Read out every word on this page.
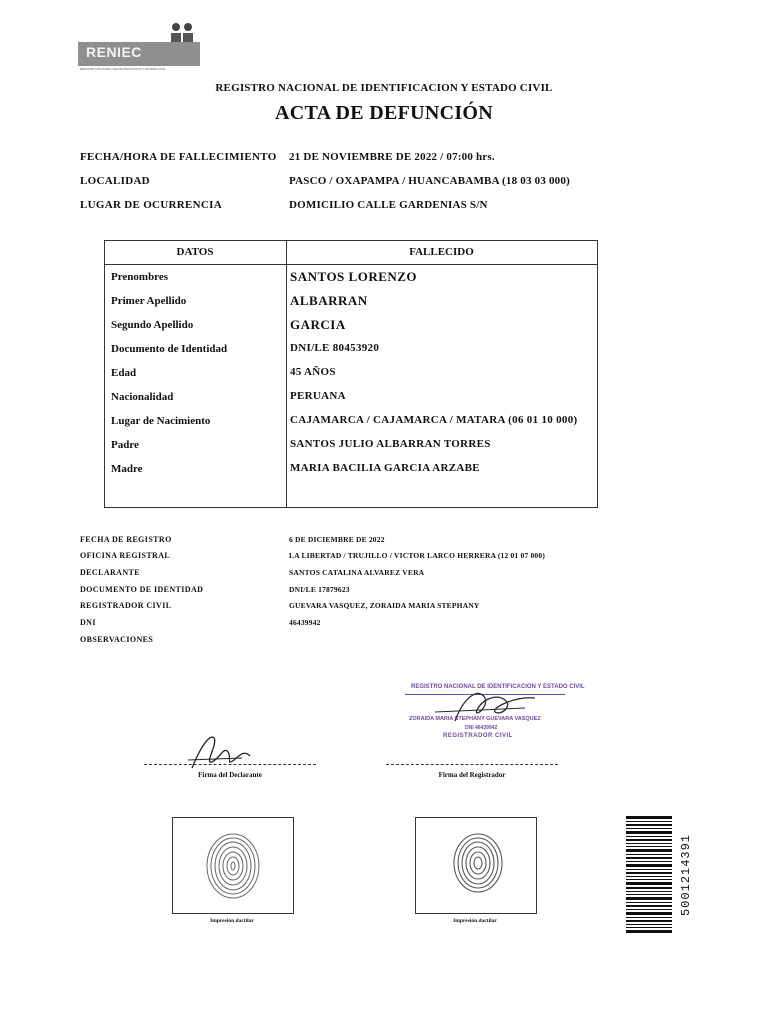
RENIEC
REGISTRO NACIONAL DE IDENTIFICACION Y ESTADO CIVIL
REGISTRO NACIONAL DE IDENTIFICACION Y ESTADO CIVIL
ACTA DE DEFUNCIÓN
FECHA/HORA DE FALLECIMIENTO 21 DE NOVIEMBRE DE 2022 / 07:00 hrs.
LOCALIDAD	PASCO / OXAPAMPA / HUANCABAMBA (18 03 03 000)
LUGAR DE OCURRENCIA	DOMICILIO CALLE GARDENIAS S/N
DATOS	FALLECIDO
Prenombres	SANTOS LORENZO
Primer Apellido	ALBARRAN
Segundo Apellido	GARCIA
Documento de Identidad	DNI/LE 80453920
Edad	45 AÑOS
Nacionalidad	PERUANA
Lugar de Nacimiento	CAJAMARCA / CAJAMARCA / MATARA (06 01 10 000)
Padre	SANTOS JULIO ALBARRAN TORRES
Madre	MARIA BACILIA GARCIA ARZABE
FECHA DE REGISTRO	6 DE DICIEMBRE DE 2022
OFICINA REGISTRAL	LA LIBERTAD / TRUJILLO / VICTOR LARCO HERRERA (12 01 07 000)
DECLARANTE	SANTOS CATALINA ALVAREZ VERA
DOCUMENTO DE IDENTIDAD	DNI/LE 17879623
REGISTRADOR CIVIL	GUEVARA VASQUEZ, ZORAIDA MARIA STEPHANY
DNI	46439942
OBSERVACIONES
REGISTRO NACIONAL DE IDENTIFICACION Y ESTADO CIVIL
ZORAIDA MARIA STEPHANY GUEVARA VASQUEZ
DNI 46439942
REGISTRADOR CIVIL
Firma del Declarante	Firma del Registrador
Impresión dactilar	Impresión dactilar
5001214391
